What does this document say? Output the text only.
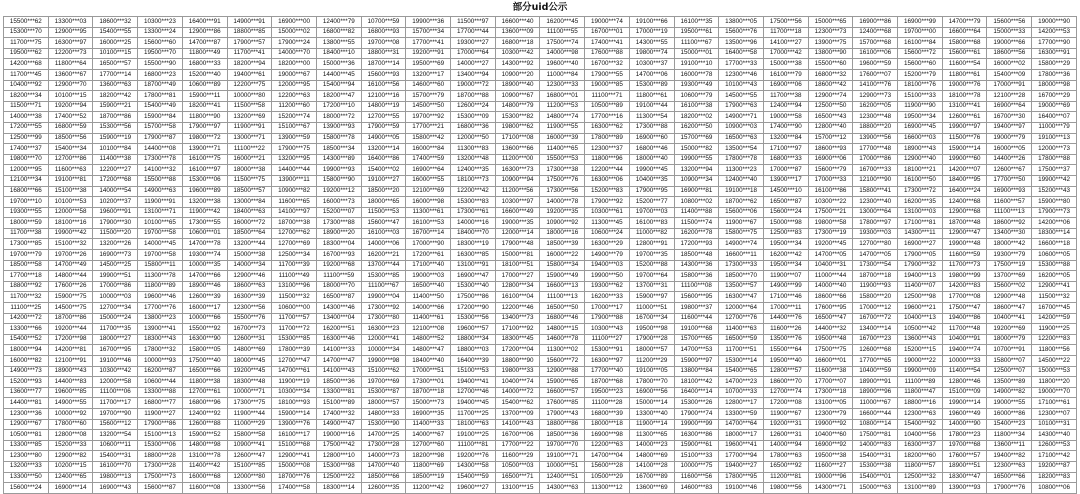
部分uid公示
15500***62	13300***03	18600***32	10300***23	16400***91	14900***91	16900***00	12400***79	10700***59	19900***36	11500***97	16600***40	16200***45	19000***74	19100***66	16100***35	13800***05	17500***56	15000***65	16900***86	16900***99	14700***79	15600***56	19000***90
15300***70	12900***95	15400***55	13300***24	12900***86	18800***85	15000***02	16800***82	16800***93	15700***34	17700***44	13600***09	11100***55	16700***01	17000***19	19500***61	15600***76	11700***18	12300***73	12400***68	19700***00	16600***64	15000***33	14200***53
11700***75	16300***97	16000***25	15600***60	14700***87	17900***57	17900***24	13800***55	19700***08	17700***41	19300***27	16800***18	17500***74	17400***41	14300***55	11100***67	13500***96	14100***27	13900***75	15700***68	16100***84	15800***68	19000***66	17700***90
19500***62	12200***73	10100***15	19500***70	11800***49	11700***41	14000***70	18400***10	18800***31	19200***91	17000***64	10300***42	14000***98	17600***88	19800***74	15000***01	16400***58	17000***42	13800***90	16100***06	15600***72	15600***61	18600***56	16300***91
14200***68	11800***64	16500***57	15500***90	16800***33	18200***94	18200***00	15000***36	18700***14	19500***69	14000***27	14300***92	19600***40	16700***32	10300***37	19100***10	17700***33	15000***38	15500***60	19600***59	15600***60	11600***54	16000***02	15800***29
11700***45	13600***67	17700***14	16800***23	15200***40	19400***61	19000***67	14400***45	15600***93	13200***17	13400***94	10900***20	11000***84	17900***55	14700***06	16000***78	12300***46	16100***79	16800***32	17600***07	15200***79	11800***61	15400***09	17800***36
10400***92	12900***70	13600***63	18700***49	10600***89	12200***75	12000***95	15400***94	16100***56	14600***60	19000***72	18900***40	12300***33	19000***85	15300***89	19300***49	10100***43	16900***06	18600***42	14100***76	18100***76	19000***76	17000***91	18000***98
18200***34	10100***15	18200***42	17800***81	15900***11	10000***80	12200***63	18200***47	12100***16	15700***79	18700***88	10900***67	16800***01	11100***71	11800***61	10600***79	14500***55	11700***38	12900***74	12900***73	15100***33	18100***78	12100***28	16700***29
11500***71	19200***94	15900***21	15400***49	18200***41	11500***58	11200***60	17200***10	14800***19	14500***50	12600***24	14800***79	11200***53	10500***89	19100***44	16100***38	17900***63	12400***94	12500***50	16200***05	11900***90	13100***41	16900***64	19000***69
14000***38	17400***52	18700***86	15900***84	11800***90	13200***69	15200***74	18000***72	12700***55	19700***92	15300***09	15300***82	14800***74	17700***16	11300***54	18200***02	14900***71	19000***58	16500***43	12300***48	19500***34	12600***61	16700***30	16400***07
17200***55	16800***59	15300***56	15700***58	17900***97	11900***91	15100***67	13900***93	17900***59	17700***21	16800***36	19800***62	11900***55	16300***62	17300***88	16200***50	10900***03	17400***90	12800***40	18800***20	16900***45	19900***97	19400***97	11000***79
12500***99	18500***56	15900***19	17900***87	19800***72	13000***71	13900***59	15800***78	14900***05	15800***42	12000***50	17100***08	16000***39	17800***89	16900***60	15700***69	16500***63	13200***84	15700***12	13900***56	16600***03	11500***76	19000***79	19100***13
17400***37	15400***34	10100***84	14400***08	13900***71	11100***22	17900***75	18500***34	13200***14	16000***84	11300***83	13600***66	11400***65	12300***37	16800***46	15000***82	13500***54	17100***97	18600***93	17700***48	18900***43	15900***14	16000***05	12000***73
19800***70	12700***86	11400***38	17300***78	16100***75	16000***21	13200***95	14300***89	16400***86	17400***59	13200***48	11200***00	15500***53	11800***96	18000***40	19900***55	17800***78	16800***33	16900***06	17000***86	12900***40	19900***60	14400***26	17800***88
12000***95	11600***63	12200***27	14100***32	16100***97	18000***38	14400***44	19900***93	15400***02	16900***64	12400***35	16300***73	17300***38	12200***44	19900***45	13200***94	11300***23	17000***87	15600***79	16700***33	18100***21	14200***07	12600***67	17500***37
12100***34	19100***81	17200***68	15500***88	15300***06	11500***75	13900***11	15800***90	19100***27	16000***55	18100***73	10900***94	17500***76	16300***06	10400***35	10900***34	12400***40	13900***17	17000***33	12100***90	16100***50	18400***95	17700***50	19900***42
16800***66	15100***38	14000***54	14900***63	19600***89	18500***57	10900***82	19200***12	18500***20	12100***69	12200***42	11200***56	17300***56	15200***83	17900***95	16900***81	19100***18	14500***10	16100***86	15800***41	17300***72	16400***24	16900***93	15200***43
19700***10	10100***53	10200***37	11900***91	13200***38	13000***84	11600***65	16000***73	18000***65	16000***98	15300***83	10300***97	14000***78	17900***92	15200***77	10800***02	18700***62	16500***87	10300***22	12300***40	16200***35	12400***68	11600***57	15900***80
19300***55	12000***58	19600***91	13100***71	11900***42	18400***63	14100***97	15200***07	11500***53	11300***61	17300***61	16600***49	19200***35	10300***61	19700***03	11400***88	15600***06	15600***24	17500***21	13000***64	13100***03	12900***68	11100***13	17900***73
18000***59	18100***16	17900***30	10100***65	17300***55	16000***72	18700***38	17300***88	15600***47	16100***53	14000***16	19000***35	10900***92	11300***45	16100***83	11500***74	11900***67	15000***98	19800***58	17800***97	17100***81	18700***48	18600***92	14200***06
11700***38	19900***42	11500***20	19700***58	10600***01	18500***64	12700***62	18900***20	16100***03	16700***14	18400***70	12000***14	18000***16	10600***24	11000***82	16200***78	15800***75	12500***83	17300***19	19300***03	14300***11	12900***47	13400***30	18300***14
17300***85	15100***32	13200***26	14000***45	14700***78	13200***44	12700***69	18300***04	14000***06	17000***90	18300***19	17900***48	18500***39	16300***29	12800***91	17200***93	14900***74	19500***34	19200***45	12700***80	16900***27	19900***48	18000***42	16600***18
19700***79	19700***26	16900***73	19700***58	19300***74	15000***38	12500***34	16700***93	16200***21	17200***61	16300***85	15000***81	16000***22	14900***79	19700***35	18500***48	16600***11	16200***42	14700***05	14700***05	17900***05	11600***59	19300***79	10600***05
18500***58	14700***49	14500***25	15800***11	10000***35	14000***34	11700***39	19200***68	13700***44	17100***40	13100***91	18100***51	15800***34	19400***03	15200***88	14300***36	17300***33	19500***34	10400***31	17300***54	17900***32	11700***73	17500***19	15300***88
17700***18	14800***44	19900***51	11300***78	14700***66	12900***46	11100***49	11100***59	15300***85	19000***03	16900***47	17000***27	15900***49	19900***50	19700***64	15800***36	18500***70	11900***07	11000***44	18700***18	19400***13	19800***99	13700***69	16200***05
18800***92	17600***26	17000***86	11800***89	18900***46	18600***63	13100***96	18000***70	11100***67	16500***40	15300***40	12800***34	16600***13	19300***62	13700***31	11100***08	13500***57	14900***99	14000***40	11900***93	11400***07	14200***83	15600***02	12900***41
11700***32	15900***75	10000***03	19600***46	12600***39	16300***39	11500***32	16500***87	19900***04	11400***50	17500***86	16100***04	11100***13	16200***33	15900***97	15600***95	16300***47	17100***46	18600***66	15800***20	12500***98	17700***08	12900***48	11500***32
11100***25	14500***75	12700***34	17700***76	16000***17	12300***56	10600***00	14300***46	17300***92	14000***66	17200***90	12200***46	16500***50	17000***17	11000***51	19800***37	12000***64	17000***11	17600***95	17000***12	19600***21	17500***47	18600***47	16700***45
14200***72	18700***86	15000***24	13800***23	10000***66	15500***76	11700***57	13400***04	17300***80	11400***61	15300***56	13400***73	16800***46	17900***88	16700***34	11600***44	12700***76	14400***76	16500***47	16700***72	10400***13	19400***86	10400***41	14200***59
13300***66	19200***44	11700***35	13900***41	15500***92	16700***73	11700***72	16200***51	16300***23	12100***08	19600***57	17100***92	14800***15	10300***43	19500***98	19100***68	11400***63	11600***26	14400***32	13400***14	10500***42	11700***48	19200***69	11900***25
15400***52	17200***98	18000***27	18300***43	16300***90	12600***31	15300***85	16300***46	12000***41	14800***52	18800***34	18300***45	14600***78	11100***27	17900***28	15700***65	16500***59	13500***76	19500***48	16700***23	13600***43	10400***91	18000***79	12200***83
18000***94	14200***81	16700***95	17800***32	15800***05	14800***69	17800***39	14100***33	10000***34	14800***47	18800***03	17200***04	11300***02	15300***91	18000***57	14700***53	11700***51	15500***64	17500***75	12600***68	15200***15	19400***74	10700***91	11800***56
16000***82	12100***91	19100***46	10000***93	17500***40	18000***45	12700***47	14700***47	19900***98	18400***40	16400***39	18800***90	15600***72	16300***97	11200***29	15900***97	15300***14	19500***40	16600***01	17700***65	19000***22	10000***33	15800***07	14500***22
14900***73	18900***43	10300***42	16200***87	16500***66	19200***45	14700***61	14100***43	15100***62	17000***51	15100***53	19800***33	12900***88	17700***40	19100***05	13800***84	15400***65	12800***57	11600***38	10400***59	19900***09	11400***54	12500***07	15000***53
15200***93	14400***83	12000***58	10600***44	11800***38	18300***48	11900***19	18500***36	19700***69	17300***01	19400***41	10400***74	15900***65	18700***68	17800***70	18100***42	14700***23	18600***70	17700***07	18900***91	11100***89	12800***46	13500***89	11800***20
13600***77	19600***85	11100***06	13300***88	12700***61	10000***71	10300***34	13300***81	15300***87	18700***18	12700***46	14000***72	16600***57	19500***23	16900***56	16400***14	10700***33	12700***74	17300***18	18900***96	11800***47	15100***09	14900***82	19000***70
14400***81	14900***55	11700***17	16800***77	16800***96	17300***75	18100***93	15100***89	18000***57	15000***73	19400***45	15400***62	17600***85	11100***28	15000***14	15300***26	12800***17	17200***08	13100***05	11000***67	18800***16	19900***14	19000***55	17100***61
12300***36	10000***92	19700***90	11900***27	12400***92	11900***44	15900***14	17400***32	14800***33	16900***35	11700***25	13700***09	17900***43	16800***39	13300***40	17900***74	13300***59	11900***67	12300***79	16600***44	12300***63	19600***49	16000***86	12300***07
12900***67	17800***60	15600***12	17900***86	12600***88	11000***29	13900***76	14900***47	15300***90	11400***33	18100***63	14100***43	18800***86	18000***18	11900***14	19900***99	14700***64	19200***31	19900***92	10800***14	15400***92	14000***90	15400***23	10100***31
10500***81	12800***08	13200***54	15100***13	15900***52	15800***58	16100***17	19000***16	14700***25	14000***67	19100***25	16700***06	18500***36	16900***98	11300***65	16300***86	18000***17	12600***31	10400***60	17500***81	10400***56	17800***23	11800***34	14300***40
13300***85	15200***33	10600***11	15300***06	14800***98	10900***41	15100***68	17500***42	17300***28	12700***60	11100***81	17700***22	19700***70	12200***63	14000***23	15900***61	19600***41	14000***94	16900***92	14000***83	16300***37	19700***68	13600***11	12600***53
12300***80	12900***82	15400***31	18800***28	13100***78	12600***47	12900***41	12800***10	14000***73	18200***98	19200***76	11600***29	19100***71	14700***04	14800***69	15100***33	17700***94	17800***63	19500***38	15400***31	18200***60	17600***57	19400***82	17100***42
13200***33	10200***15	16100***70	17300***28	11400***42	15100***85	15000***08	15300***98	14700***40	11800***69	14300***58	10500***03	10000***51	15600***28	14100***28	10000***75	19400***27	16500***92	11600***27	15300***38	11800***57	18900***51	12300***63	19200***87
13300***50	12400***65	19800***13	17500***73	16000***68	12000***80	18700***76	12500***22	18500***66	18500***19	15400***59	16500***71	12400***51	10500***29	16700***89	11600***56	17800***95	11200***81	19000***96	15400***01	12500***32	18300***47	16500***66	18200***83
15600***24	16900***14	16900***43	15600***87	11600***08	13300***56	17400***58	18300***14	12600***35	11200***42	19600***27	13100***15	14300***63	11300***12	13600***69	14600***83	19100***46	19800***56	14300***71	15000***63	13100***89	13900***93	17900***76	10800***06
